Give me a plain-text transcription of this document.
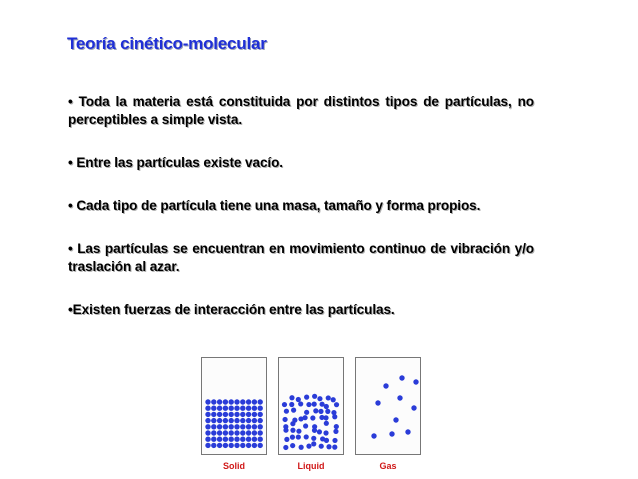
Teoría cinético-molecular

• Toda la materia está constituida por distintos tipos de partículas, no perceptibles a simple vista.

• Entre las partículas existe vacío.

• Cada tipo de partícula tiene una masa, tamaño y forma propios.

• Las partículas se encuentran en movimiento continuo de vibración y/o traslación al azar.

•Existen fuerzas de interacción entre las partículas.

Solid	Liquid	Gas
